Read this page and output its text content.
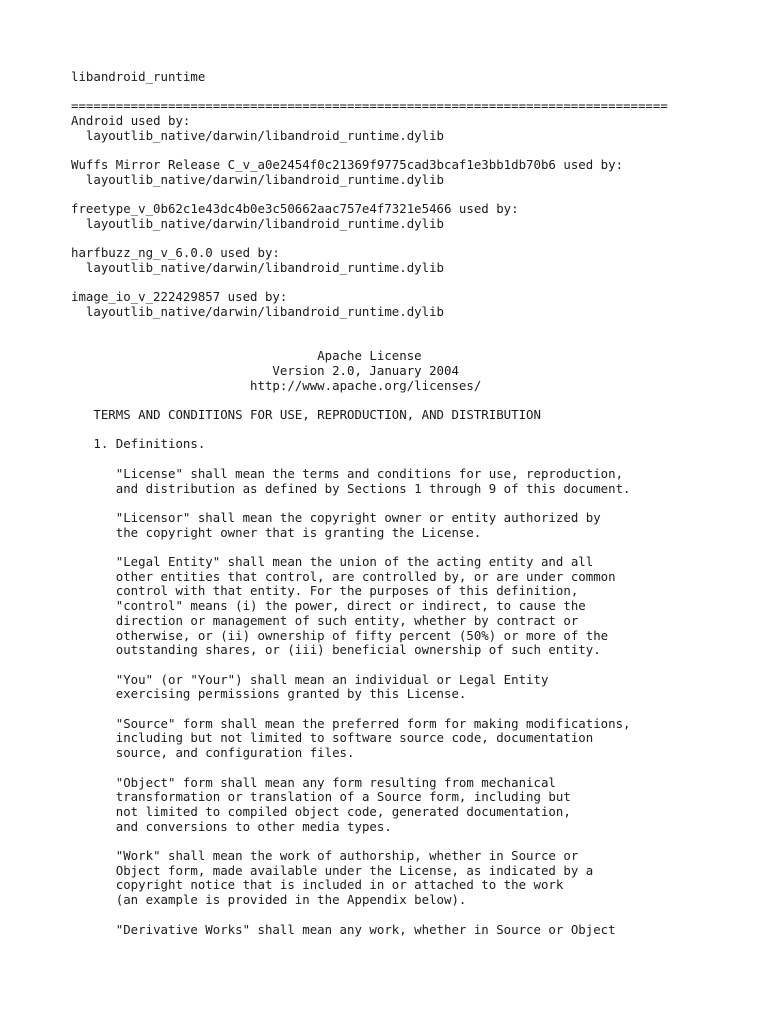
libandroid_runtime
================================================================================
Android used by:
layoutlib_native/darwin/libandroid_runtime.dylib
Wuffs Mirror Release C_v_a0e2454f0c21369f9775cad3bcaf1e3bb1db70b6 used by:
layoutlib_native/darwin/libandroid_runtime.dylib
freetype_v_0b62c1e43dc4b0e3c50662aac757e4f7321e5466 used by:
layoutlib_native/darwin/libandroid_runtime.dylib
harfbuzz_ng_v_6.0.0 used by:
layoutlib_native/darwin/libandroid_runtime.dylib
image_io_v_222429857 used by:
layoutlib_native/darwin/libandroid_runtime.dylib
Apache License
Version 2.0, January 2004
http://www.apache.org/licenses/
TERMS AND CONDITIONS FOR USE, REPRODUCTION, AND DISTRIBUTION
1. Definitions.
"License" shall mean the terms and conditions for use, reproduction,
and distribution as defined by Sections 1 through 9 of this document.
"Licensor" shall mean the copyright owner or entity authorized by
the copyright owner that is granting the License.
"Legal Entity" shall mean the union of the acting entity and all
other entities that control, are controlled by, or are under common
control with that entity. For the purposes of this definition,
"control" means (i) the power, direct or indirect, to cause the
direction or management of such entity, whether by contract or
otherwise, or (ii) ownership of fifty percent (50%) or more of the
outstanding shares, or (iii) beneficial ownership of such entity.
"You" (or "Your") shall mean an individual or Legal Entity
exercising permissions granted by this License.
"Source" form shall mean the preferred form for making modifications,
including but not limited to software source code, documentation
source, and configuration files.
"Object" form shall mean any form resulting from mechanical
transformation or translation of a Source form, including but
not limited to compiled object code, generated documentation,
and conversions to other media types.
"Work" shall mean the work of authorship, whether in Source or
Object form, made available under the License, as indicated by a
copyright notice that is included in or attached to the work
(an example is provided in the Appendix below).
"Derivative Works" shall mean any work, whether in Source or Object
